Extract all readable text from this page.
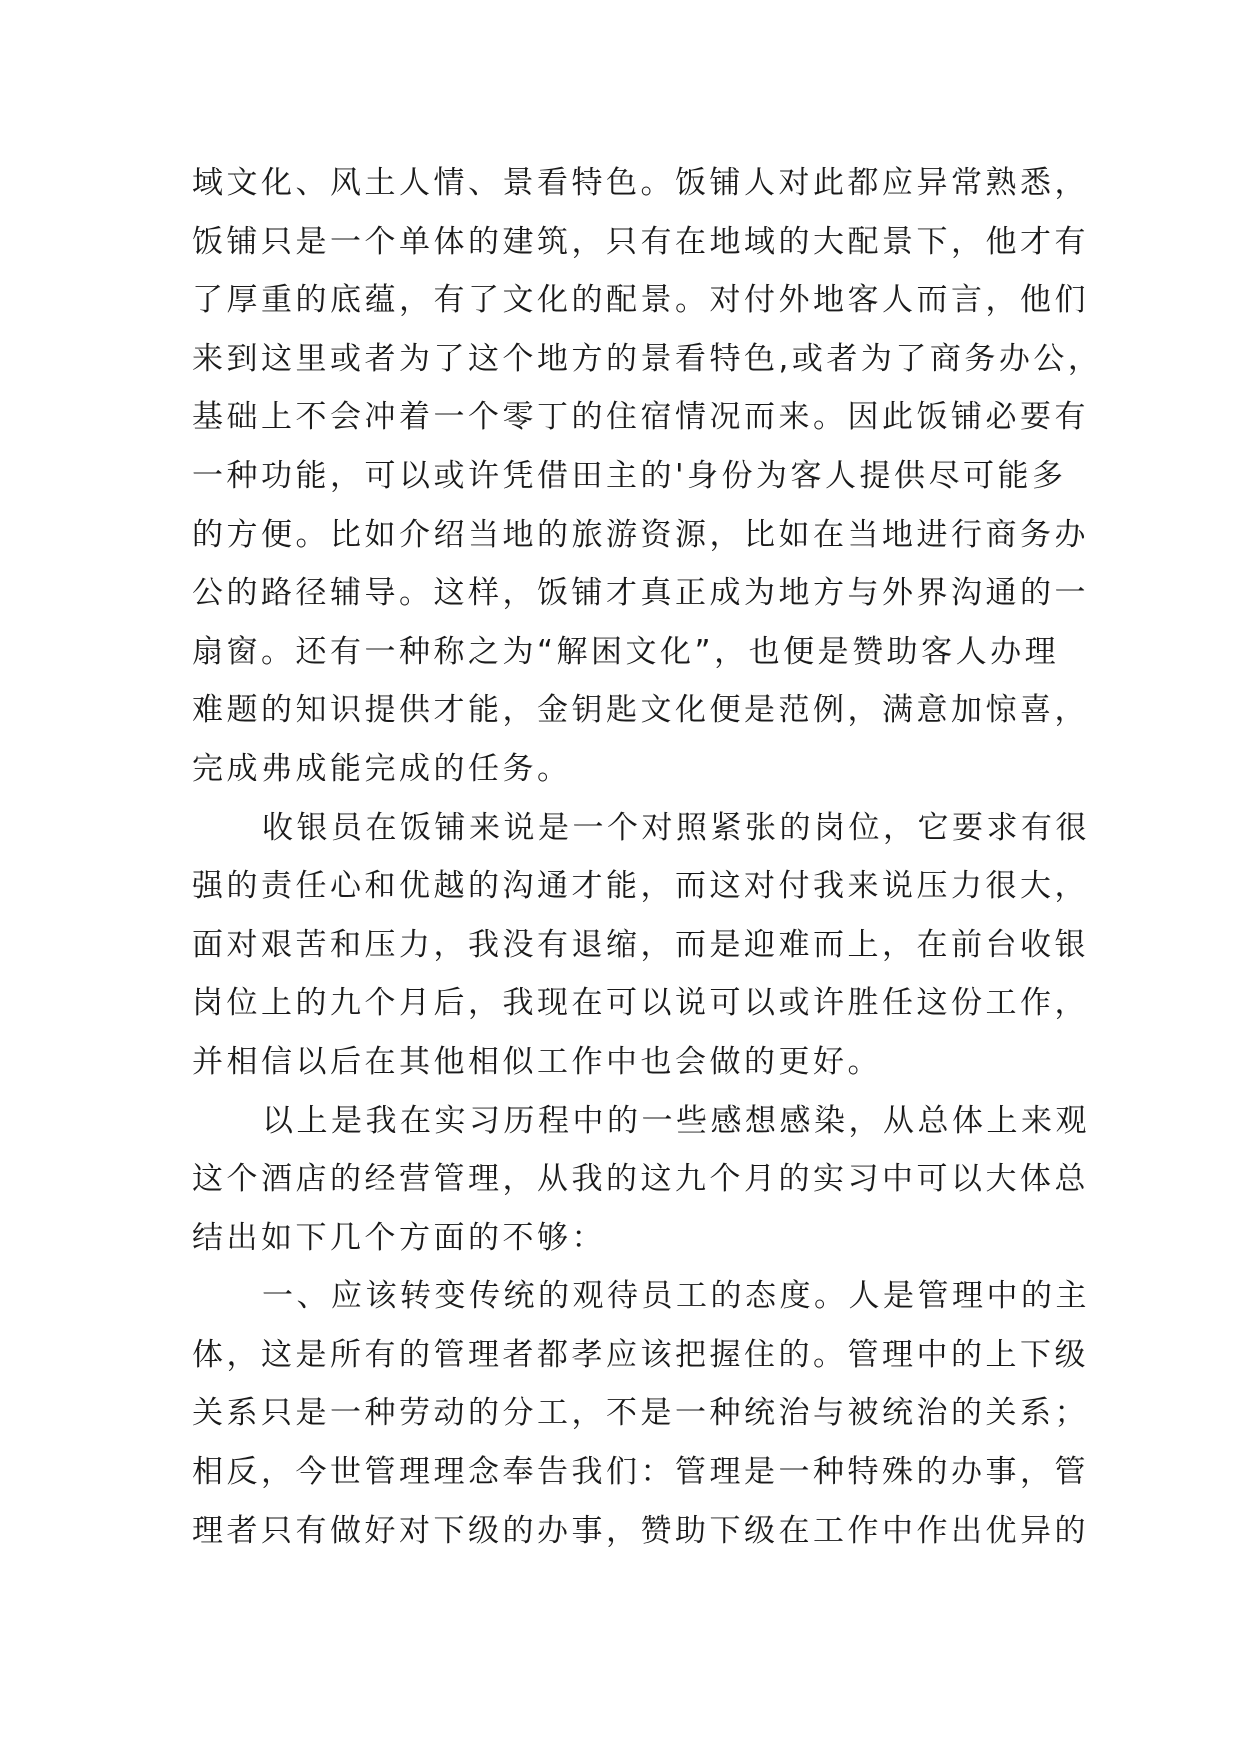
域文化、风土人情、景看特色。饭铺人对此都应异常熟悉，
饭铺只是一个单体的建筑，只有在地域的大配景下，他才有
了厚重的底蕴，有了文化的配景。对付外地客人而言，他们
来到这里或者为了这个地方的景看特色,或者为了商务办公，
基础上不会冲着一个零丁的住宿情况而来。因此饭铺必要有
一种功能，可以或许凭借田主的'身份为客人提供尽可能多
的方便。比如介绍当地的旅游资源，比如在当地进行商务办
公的路径辅导。这样，饭铺才真正成为地方与外界沟通的一
扇窗。还有一种称之为“解困文化”，也便是赞助客人办理
难题的知识提供才能，金钥匙文化便是范例，满意加惊喜，
完成弗成能完成的任务。
收银员在饭铺来说是一个对照紧张的岗位，它要求有很
强的责任心和优越的沟通才能，而这对付我来说压力很大，
面对艰苦和压力，我没有退缩，而是迎难而上，在前台收银
岗位上的九个月后，我现在可以说可以或许胜任这份工作，
并相信以后在其他相似工作中也会做的更好。
以上是我在实习历程中的一些感想感染，从总体上来观
这个酒店的经营管理，从我的这九个月的实习中可以大体总
结出如下几个方面的不够：
一、应该转变传统的观待员工的态度。人是管理中的主
体，这是所有的管理者都孝应该把握住的。管理中的上下级
关系只是一种劳动的分工，不是一种统治与被统治的关系；
相反，今世管理理念奉告我们：管理是一种特殊的办事，管
理者只有做好对下级的办事，赞助下级在工作中作出优异的
